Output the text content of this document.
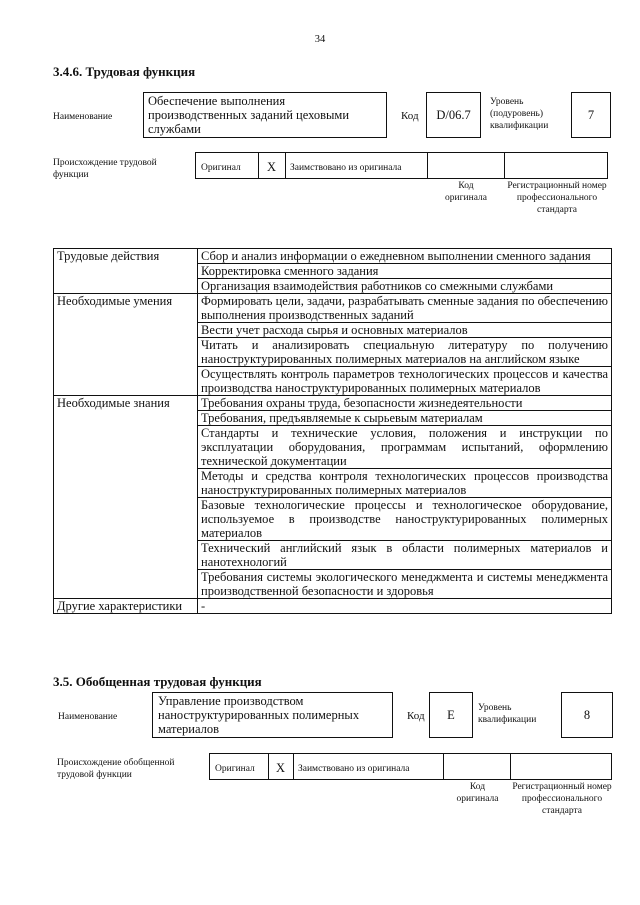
34
3.4.6. Трудовая функция
Наименование
Обеспечение выполнения производственных заданий цеховыми службами
Код D/06.7
Уровень (подуровень) квалификации
7
Происхождение трудовой функции
Оригинал	X	Заимствовано из оригинала
Код оригинала
Регистрационный номер профессионального стандарта
Трудовые действия	Сбор и анализ информации о ежедневном выполнении сменного задания
	Корректировка сменного задания
	Организация взаимодействия работников со смежными службами
Необходимые умения	Формировать цели, задачи, разрабатывать сменные задания по обеспечению выполнения производственных заданий
	Вести учет расхода сырья и основных материалов
	Читать и анализировать специальную литературу по получению наноструктурированных полимерных материалов на английском языке
	Осуществлять контроль параметров технологических процессов и качества производства наноструктурированных полимерных материалов
Необходимые знания	Требования охраны труда, безопасности жизнедеятельности
	Требования, предъявляемые к сырьевым материалам
	Стандарты и технические условия, положения и инструкции по эксплуатации оборудования, программам испытаний, оформлению технической документации
	Методы и средства контроля технологических процессов производства наноструктурированных полимерных материалов
	Базовые технологические процессы и технологическое оборудование, используемое в производстве наноструктурированных полимерных материалов
	Технический английский язык в области полимерных материалов и нанотехнологий
	Требования системы экологического менеджмента и системы менеджмента производственной безопасности и здоровья
Другие характеристики	-
3.5. Обобщенная трудовая функция
Наименование
Управление производством наноструктурированных полимерных материалов
Код E Уровень квалификации	8
Происхождение обобщенной трудовой функции
Оригинал	X	Заимствовано из оригинала
Код оригинала
Регистрационный номер профессионального стандарта
